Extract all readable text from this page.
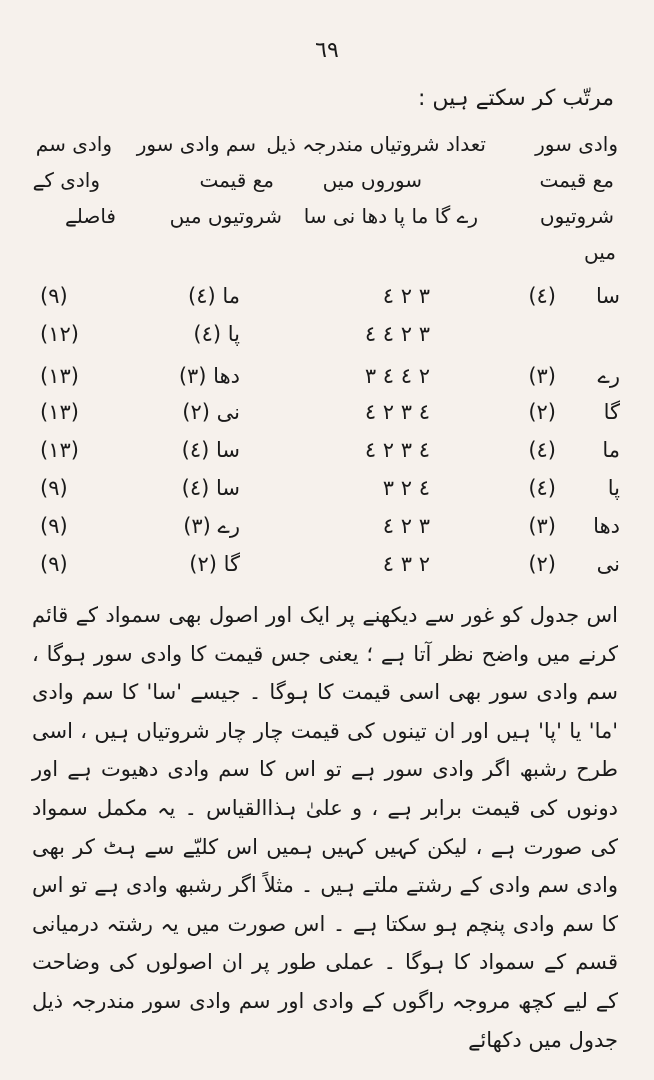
٦٩
مرتّب کر سکتے ہیں :
وادی سور
تعداد شروتیاں مندرجہ ذیل
سم وادی سور
وادی سم
مع قیمت
سوروں میں
مع قیمت
وادی کے
شروتیوں
رے گا ما پا دھا نی سا
شروتیوں میں
فاصلے
میں
سا
(٤)
٣ ٢ ٤
ما (٤)
(٩)
٣ ٢ ٤ ٤
پا (٤)
(١٢)
رے
(٣)
٢ ٤ ٤ ٣
دھا (٣)
(١٣)
گا
(٢)
٤ ٣ ٢ ٤
نی (٢)
(١٣)
ما
(٤)
٤ ٣ ٢ ٤
سا (٤)
(١٣)
پا
(٤)
٤ ٢ ٣
سا (٤)
(٩)
دھا
(٣)
٣ ٢ ٤
رے (٣)
(٩)
نی
(٢)
٢ ٣ ٤
گا (٢)
(٩)
اس جدول کو غور سے دیکھنے پر ایک اور اصول بھی سمواد کے قائم کرنے میں واضح نظر آتا ہے ؛ یعنی جس قیمت کا وادی سور ہوگا ، سم وادی سور بھی اسی قیمت کا ہوگا ۔ جیسے 'سا' کا سم وادی 'ما' یا 'پا' ہیں اور ان تینوں کی قیمت چار چار شروتیاں ہیں ، اسی طرح رشبھ اگر وادی سور ہے تو اس کا سم وادی دھیوت ہے اور دونوں کی قیمت برابر ہے ، و علیٰ ہذاالقیاس ۔ یہ مکمل سمواد کی صورت ہے ، لیکن کہیں کہیں ہمیں اس کلیّے سے ہٹ کر بھی وادی سم وادی کے رشتے ملتے ہیں ۔ مثلاً اگر رشبھ وادی ہے تو اس کا سم وادی پنچم ہو سکتا ہے ۔ اس صورت میں یہ رشتہ درمیانی قسم کے سمواد کا ہوگا ۔ عملی طور پر ان اصولوں کی وضاحت کے لیے کچھ مروجہ راگوں کے وادی اور سم وادی سور مندرجہ ذیل جدول میں دکھائے
